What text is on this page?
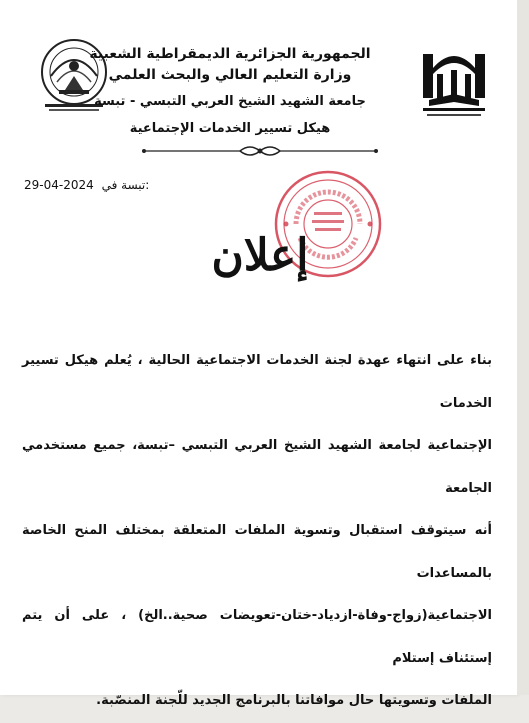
الجمهورية الجزائرية الديمقراطية الشعبية
وزارة التعليم العالي والبحث العلمي
جامعة الشهيد الشيخ العربي التبسي - تبسة
هيكل تسيير الخدمات الإجتماعية
29-04-2024 تبسة في:
إعلان

بناء على انتهاء عهدة لجنة الخدمات الاجتماعية الحالية ، يُعلم هيكل تسيير الخدمات

الإجتماعية لجامعة الشهيد الشيخ العربي التبسي –تبسة، جميع مستخدمي الجامعة

أنه سيتوقف استقبال وتسوية الملفات المتعلقة بمختلف المنح الخاصة بالمساعدات

الاجتماعية(زواج-وفاة-ازدياد-ختان-تعويضات صحية..الخ) ، على أن يتم إستئناف إستلام

الملفات وتسويتها حال موافاتنا بالبرنامج الجديد للّجنة المنصّبة.
